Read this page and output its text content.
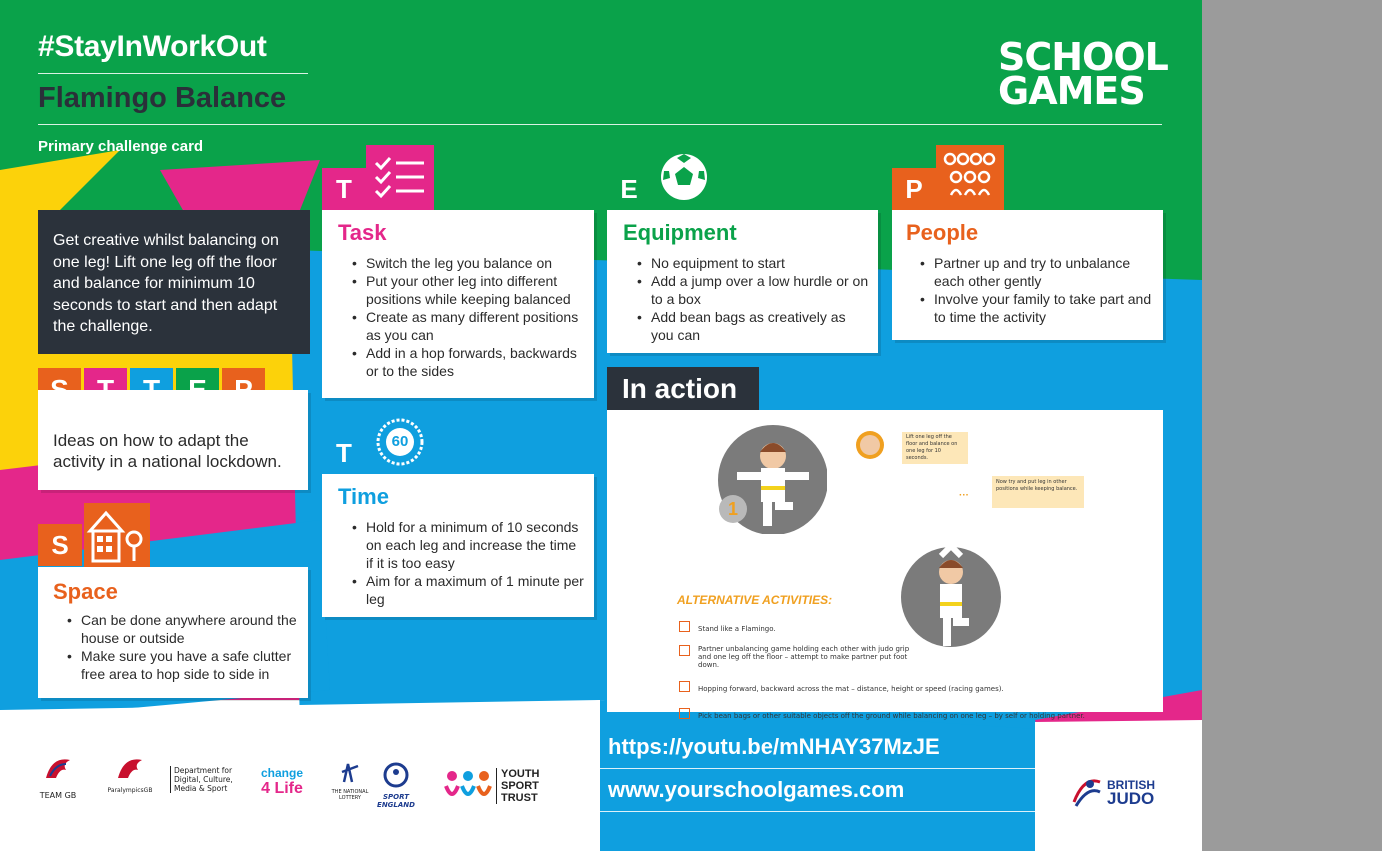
#StayInWorkOut
Flamingo Balance
Primary challenge card
SCHOOL
GAMES
Get creative whilst balancing on one leg! Lift one leg off the floor and balance for minimum 10 seconds to start and then adapt the challenge.
Ideas on how to adapt the activity in a national lockdown.
S
Space
• Can be done anywhere around the house or outside
• Make sure you have a safe clutter free area to hop side to side in
T
Task
• Switch the leg you balance on
• Put your other leg into different positions while keeping balanced
• Create as many different positions as you can
• Add in a hop forwards, backwards or to the sides
T	60
Time
• Hold for a minimum of 10 seconds on each leg and increase the time if it is too easy
• Aim for a maximum of 1 minute per leg
E
Equipment
• No equipment to start
• Add a jump over a low hurdle or on to a box
• Add bean bags as creatively as you can
P
People
• Partner up and try to unbalance each other gently
• Involve your family to take part and to time the activity
In action
1
Lift one leg off the floor and balance on one leg for 10 seconds.
···
Now try and put leg in other positions while keeping balance.
ALTERNATIVE ACTIVITIES:
Stand like a Flamingo.
Partner unbalancing game holding each other with judo grip and one leg off the floor – attempt to make partner put foot down.
Hopping forward, backward across the mat – distance, height or speed (racing games).
Pick bean bags or other suitable objects off the ground while balancing on one leg – by self or holding partner.
https://youtu.be/mNHAY37MzJE
www.yourschoolgames.com
TEAM GB
ParalympicsGB
Department for Digital, Culture, Media & Sport
change
4 Life	THE NATIONAL LOTTERY	SPORT ENGLAND
YOUTH SPORT TRUST
BRITISH
JUDO
